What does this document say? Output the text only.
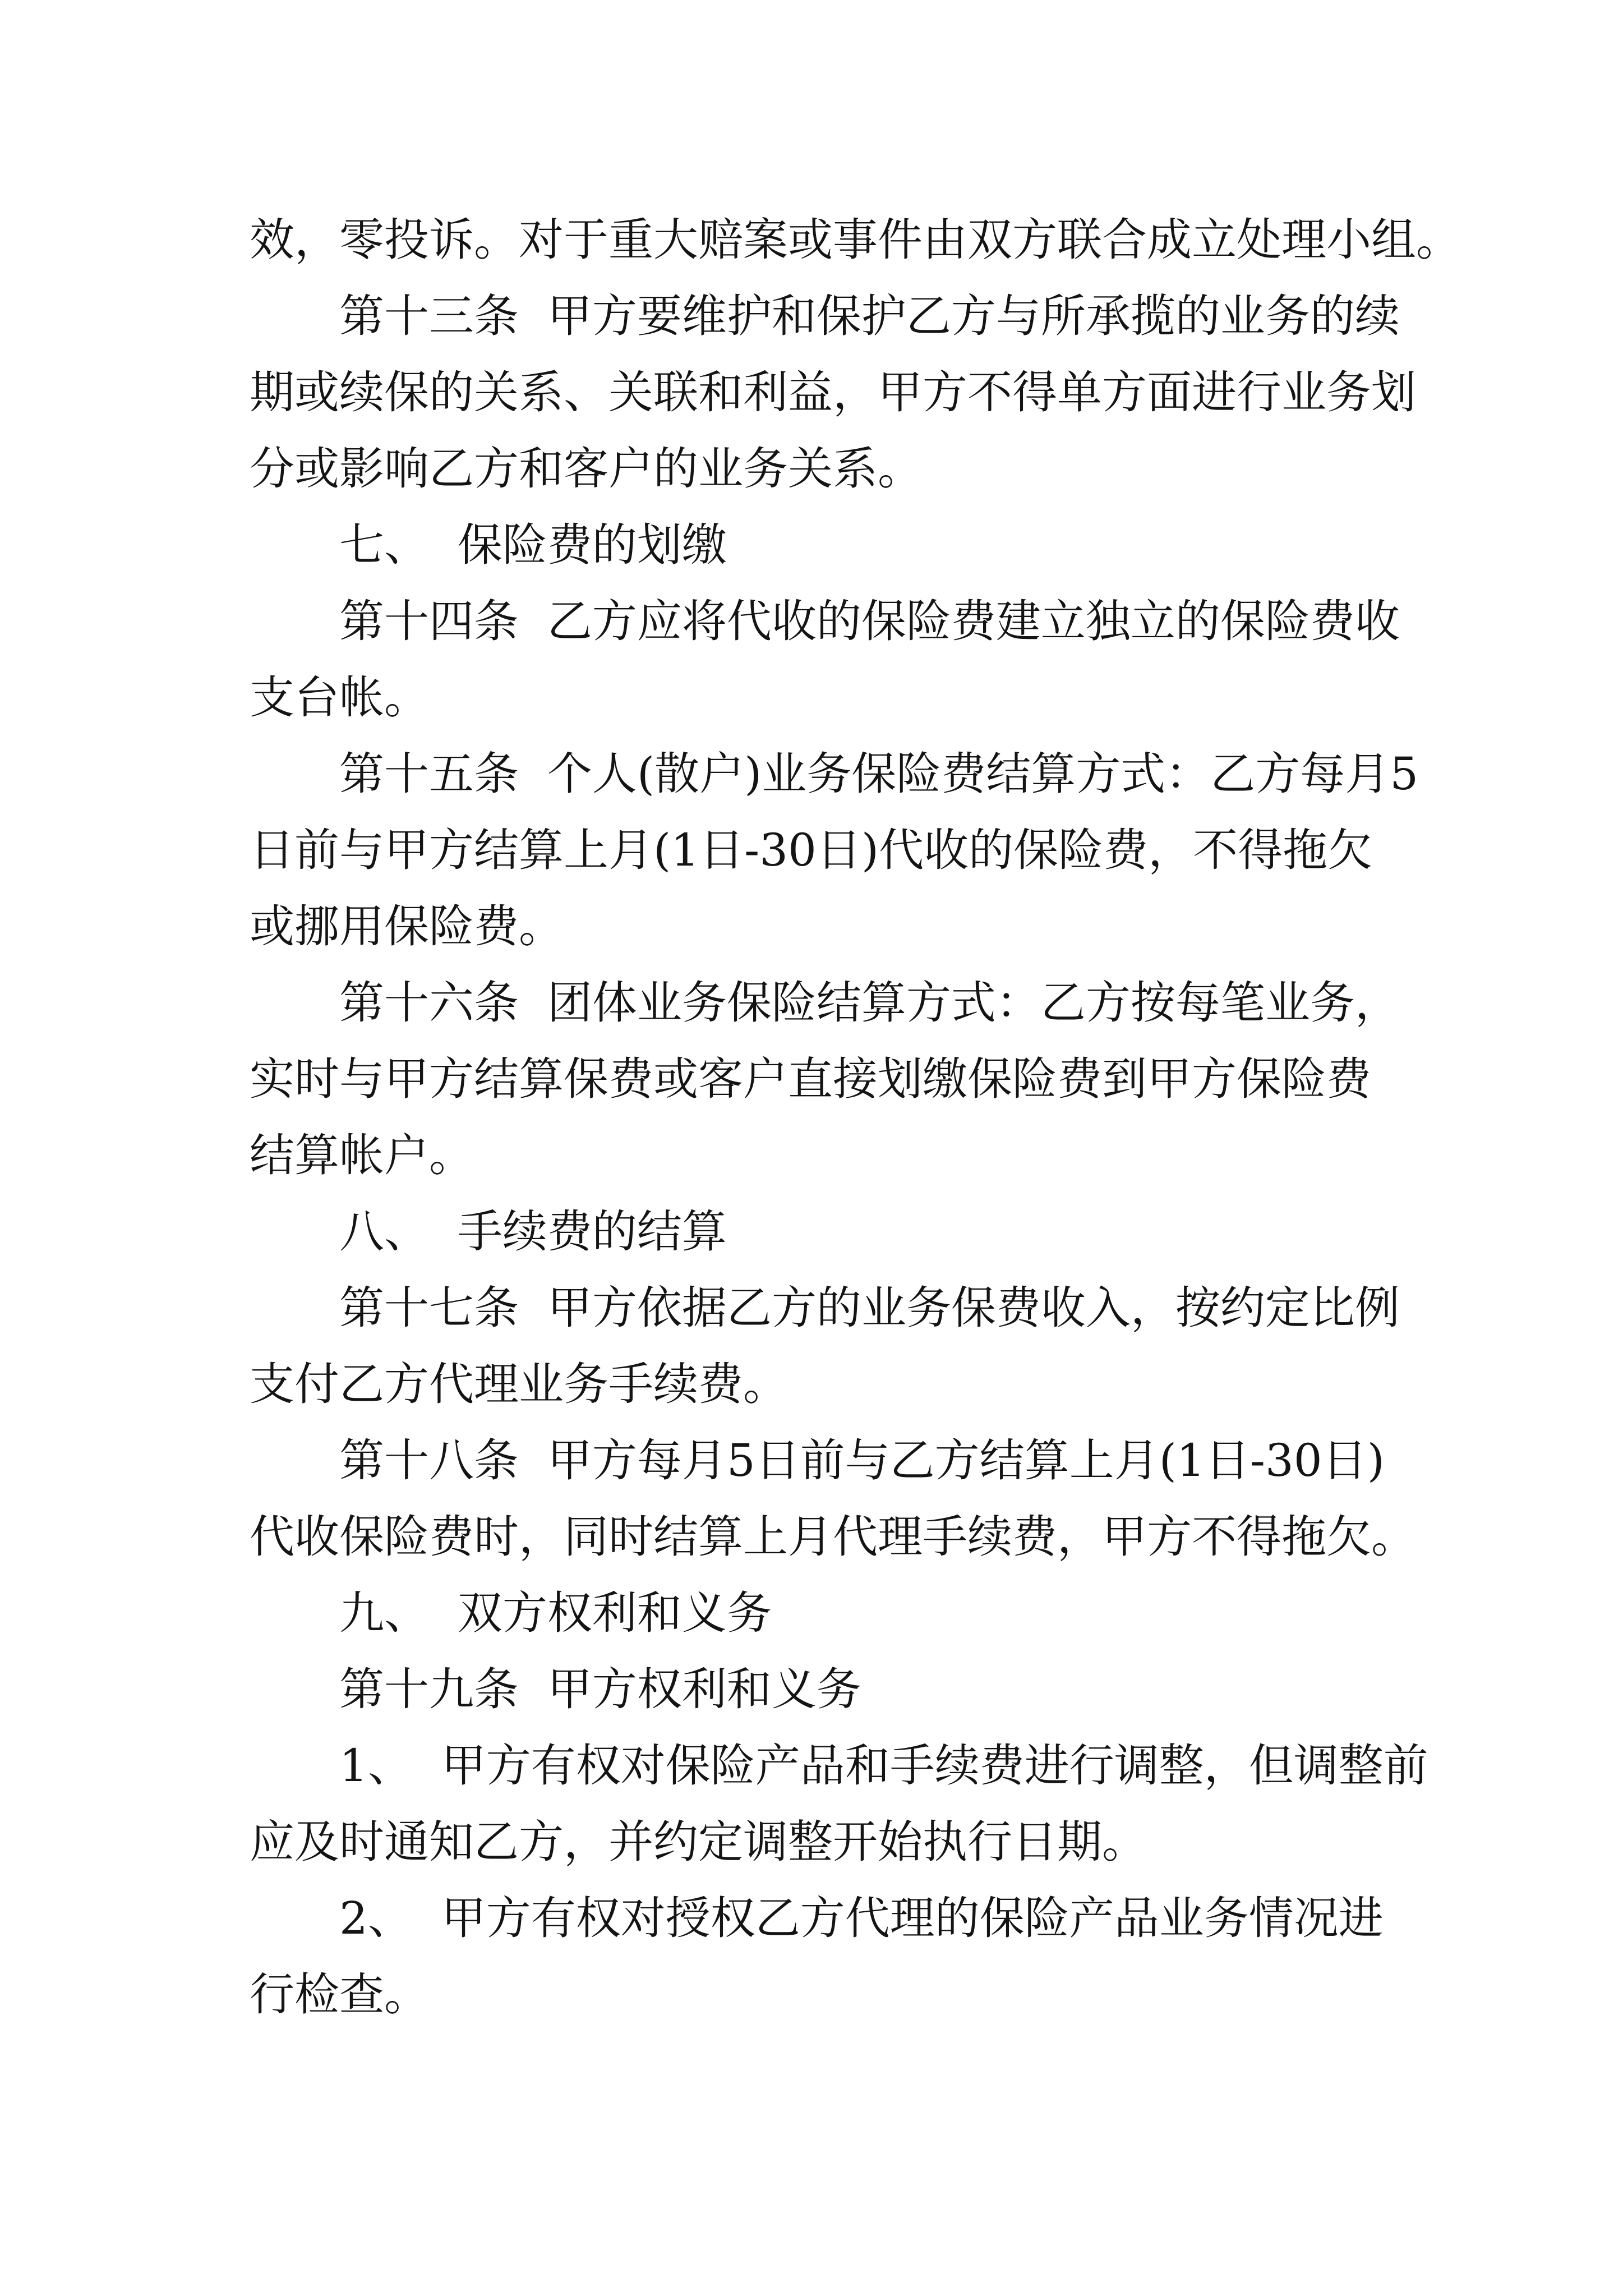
效，零投诉。对于重大赔案或事件由双方联合成立处理小组。
第十三条  甲方要维护和保护乙方与所承揽的业务的续
期或续保的关系、关联和利益，甲方不得单方面进行业务划
分或影响乙方和客户的业务关系。
七、  保险费的划缴
第十四条  乙方应将代收的保险费建立独立的保险费收
支台帐。
第十五条  个人(散户)业务保险费结算方式：乙方每月5
日前与甲方结算上月(1日-30日)代收的保险费，不得拖欠
或挪用保险费。
第十六条  团体业务保险结算方式：乙方按每笔业务，
实时与甲方结算保费或客户直接划缴保险费到甲方保险费
结算帐户。
八、  手续费的结算
第十七条  甲方依据乙方的业务保费收入，按约定比例
支付乙方代理业务手续费。
第十八条  甲方每月5日前与乙方结算上月(1日-30日)
代收保险费时，同时结算上月代理手续费，甲方不得拖欠。
九、  双方权利和义务
第十九条  甲方权利和义务
1、  甲方有权对保险产品和手续费进行调整，但调整前
应及时通知乙方，并约定调整开始执行日期。
2、  甲方有权对授权乙方代理的保险产品业务情况进
行检查。
